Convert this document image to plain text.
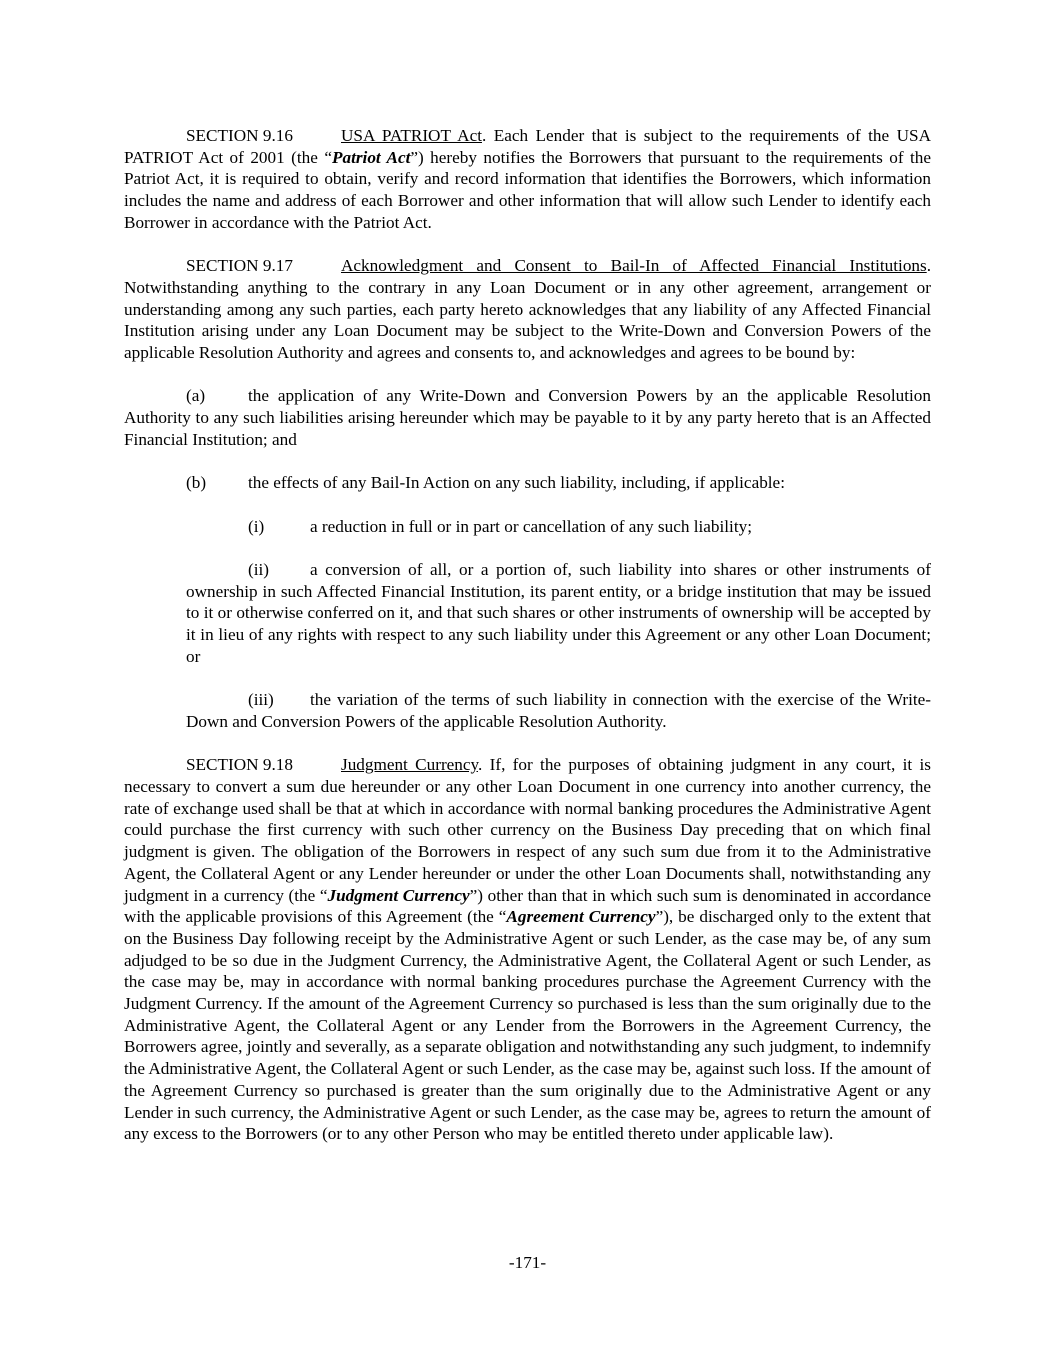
SECTION 9.16	USA PATRIOT Act. Each Lender that is subject to the requirements of the USA PATRIOT Act of 2001 (the “Patriot Act”) hereby notifies the Borrowers that pursuant to the requirements of the Patriot Act, it is required to obtain, verify and record information that identifies the Borrowers, which information includes the name and address of each Borrower and other information that will allow such Lender to identify each Borrower in accordance with the Patriot Act.

SECTION 9.17	Acknowledgment and Consent to Bail-In of Affected Financial Institutions. Notwithstanding anything to the contrary in any Loan Document or in any other agreement, arrangement or understanding among any such parties, each party hereto acknowledges that any liability of any Affected Financial Institution arising under any Loan Document may be subject to the Write-Down and Conversion Powers of the applicable Resolution Authority and agrees and consents to, and acknowledges and agrees to be bound by:

(a) the application of any Write-Down and Conversion Powers by an the applicable Resolution Authority to any such liabilities arising hereunder which may be payable to it by any party hereto that is an Affected Financial Institution; and

(b) the effects of any Bail-In Action on any such liability, including, if applicable:

(i)	a reduction in full or in part or cancellation of any such liability;

(ii) a conversion of all, or a portion of, such liability into shares or other instruments of ownership in such Affected Financial Institution, its parent entity, or a bridge institution that may be issued to it or otherwise conferred on it, and that such shares or other instruments of ownership will be accepted by it in lieu of any rights with respect to any such liability under this Agreement or any other Loan Document; or

(iii) the variation of the terms of such liability in connection with the exercise of the Write-Down and Conversion Powers of the applicable Resolution Authority.

SECTION 9.18	Judgment Currency. If, for the purposes of obtaining judgment in any court, it is necessary to convert a sum due hereunder or any other Loan Document in one currency into another currency, the rate of exchange used shall be that at which in accordance with normal banking procedures the Administrative Agent could purchase the first currency with such other currency on the Business Day preceding that on which final judgment is given. The obligation of the Borrowers in respect of any such sum due from it to the Administrative Agent, the Collateral Agent or any Lender hereunder or under the other Loan Documents shall, notwithstanding any judgment in a currency (the “Judgment Currency”) other than that in which such sum is denominated in accordance with the applicable provisions of this Agreement (the “Agreement Currency”), be discharged only to the extent that on the Business Day following receipt by the Administrative Agent or such Lender, as the case may be, of any sum adjudged to be so due in the Judgment Currency, the Administrative Agent, the Collateral Agent or such Lender, as the case may be, may in accordance with normal banking procedures purchase the Agreement Currency with the Judgment Currency. If the amount of the Agreement Currency so purchased is less than the sum originally due to the Administrative Agent, the Collateral Agent or any Lender from the Borrowers in the Agreement Currency, the Borrowers agree, jointly and severally, as a separate obligation and notwithstanding any such judgment, to indemnify the Administrative Agent, the Collateral Agent or such Lender, as the case may be, against such loss. If the amount of the Agreement Currency so purchased is greater than the sum originally due to the Administrative Agent or any Lender in such currency, the Administrative Agent or such Lender, as the case may be, agrees to return the amount of any excess to the Borrowers (or to any other Person who may be entitled thereto under applicable law).

-171-
